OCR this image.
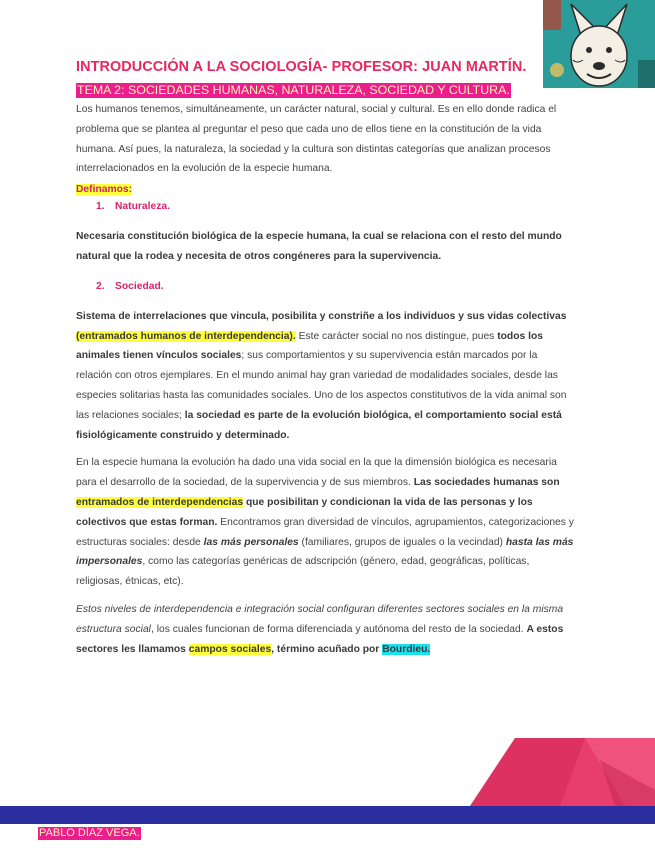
INTRODUCCIÓN A LA SOCIOLOGÍA- PROFESOR: JUAN MARTÍN.
TEMA 2: SOCIEDADES HUMANAS, NATURALEZA, SOCIEDAD Y CULTURA.

Los humanos tenemos, simultáneamente, un carácter natural, social y cultural. Es en ello donde radica el problema que se plantea al preguntar el peso que cada uno de ellos tiene en la constitución de la vida humana. Así pues, la naturaleza, la sociedad y la cultura son distintas categorías que analizan procesos interrelacionados en la evolución de la especie humana.

Definamos:
1. Naturaleza.

Necesaria constitución biológica de la especie humana, la cual se relaciona con el resto del mundo natural que la rodea y necesita de otros congéneres para la supervivencia.

2. Sociedad.

Sistema de interrelaciones que vincula, posibilita y constriñe a los individuos y sus vidas colectivas (entramados humanos de interdependencia). Este carácter social no nos distingue, pues todos los animales tienen vínculos sociales; sus comportamientos y su supervivencia están marcados por la relación con otros ejemplares. En el mundo animal hay gran variedad de modalidades sociales, desde las especies solitarias hasta las comunidades sociales. Uno de los aspectos constitutivos de la vida animal son las relaciones sociales; la sociedad es parte de la evolución biológica, el comportamiento social está fisiológicamente construido y determinado.

En la especie humana la evolución ha dado una vida social en la que la dimensión biológica es necesaria para el desarrollo de la sociedad, de la supervivencia y de sus miembros. Las sociedades humanas son entramados de interdependencias que posibilitan y condicionan la vida de las personas y los colectivos que estas forman. Encontramos gran diversidad de vínculos, agrupamientos, categorizaciones y estructuras sociales: desde las más personales (familiares, grupos de iguales o la vecindad) hasta las más impersonales, como las categorías genéricas de adscripción (género, edad, geográficas, políticas, religiosas, étnicas, etc).

Estos niveles de interdependencia e integración social configuran diferentes sectores sociales en la misma estructura social, los cuales funcionan de forma diferenciada y autónoma del resto de la sociedad. A estos sectores les llamamos campos sociales, término acuñado por Bourdieu.

PABLO DÍAZ VEGA.
